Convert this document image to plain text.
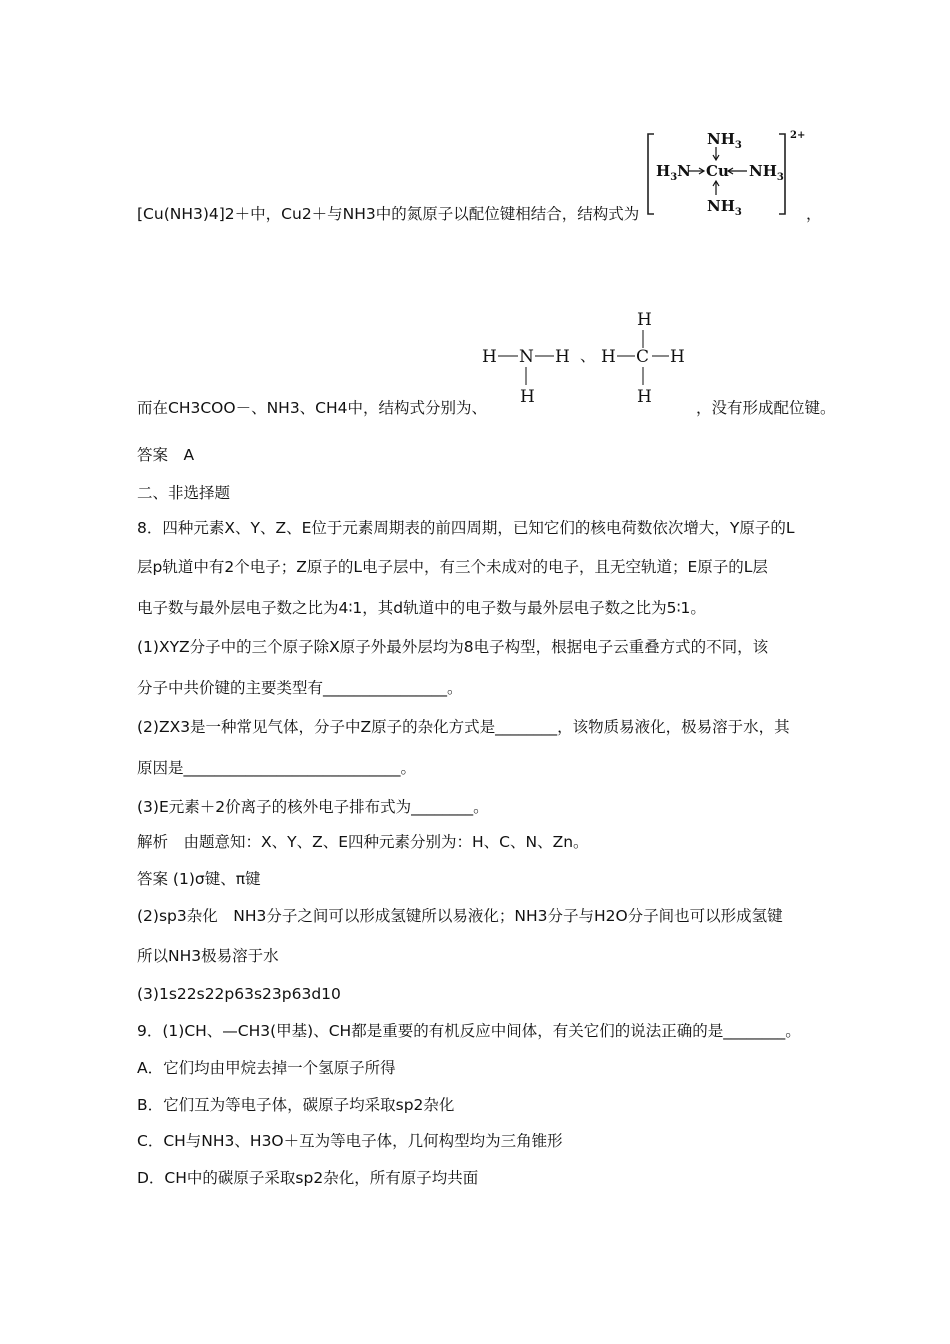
[Cu(NH3)4]2＋中，Cu2＋与NH3中的氮原子以配位键相结合，结构式为
2+
$NH_3$
$H_3N$ Cu $NH_3$
$NH_3$	，
而在CH3COO－、NH3、CH4中，结构式分别为、
H N H
H
、
H
H C H
H
，没有形成配位键。
答案　A
二、非选择题
8．四种元素X、Y、Z、E位于元素周期表的前四周期，已知它们的核电荷数依次增大，Y原子的L
层p轨道中有2个电子；Z原子的L电子层中，有三个未成对的电子，且无空轨道；E原子的L层
电子数与最外层电子数之比为4∶1，其d轨道中的电子数与最外层电子数之比为5∶1。
(1)XYZ分子中的三个原子除X原子外最外层均为8电子构型，根据电子云重叠方式的不同，该
分子中共价键的主要类型有________________。
(2)ZX3是一种常见气体，分子中Z原子的杂化方式是________，该物质易液化，极易溶于水，其
原因是____________________________。
(3)E元素＋2价离子的核外电子排布式为________。
解析　由题意知：X、Y、Z、E四种元素分别为：H、C、N、Zn。
答案 (1)σ键、π键
(2)sp3杂化　NH3分子之间可以形成氢键所以易液化；NH3分子与H2O分子间也可以形成氢键
所以NH3极易溶于水
(3)1s22s22p63s23p63d10
9．(1)CH、—CH3(甲基)、CH都是重要的有机反应中间体，有关它们的说法正确的是________。
A．它们均由甲烷去掉一个氢原子所得
B．它们互为等电子体，碳原子均采取sp2杂化
C．CH与NH3、H3O＋互为等电子体，几何构型均为三角锥形
D．CH中的碳原子采取sp2杂化，所有原子均共面
